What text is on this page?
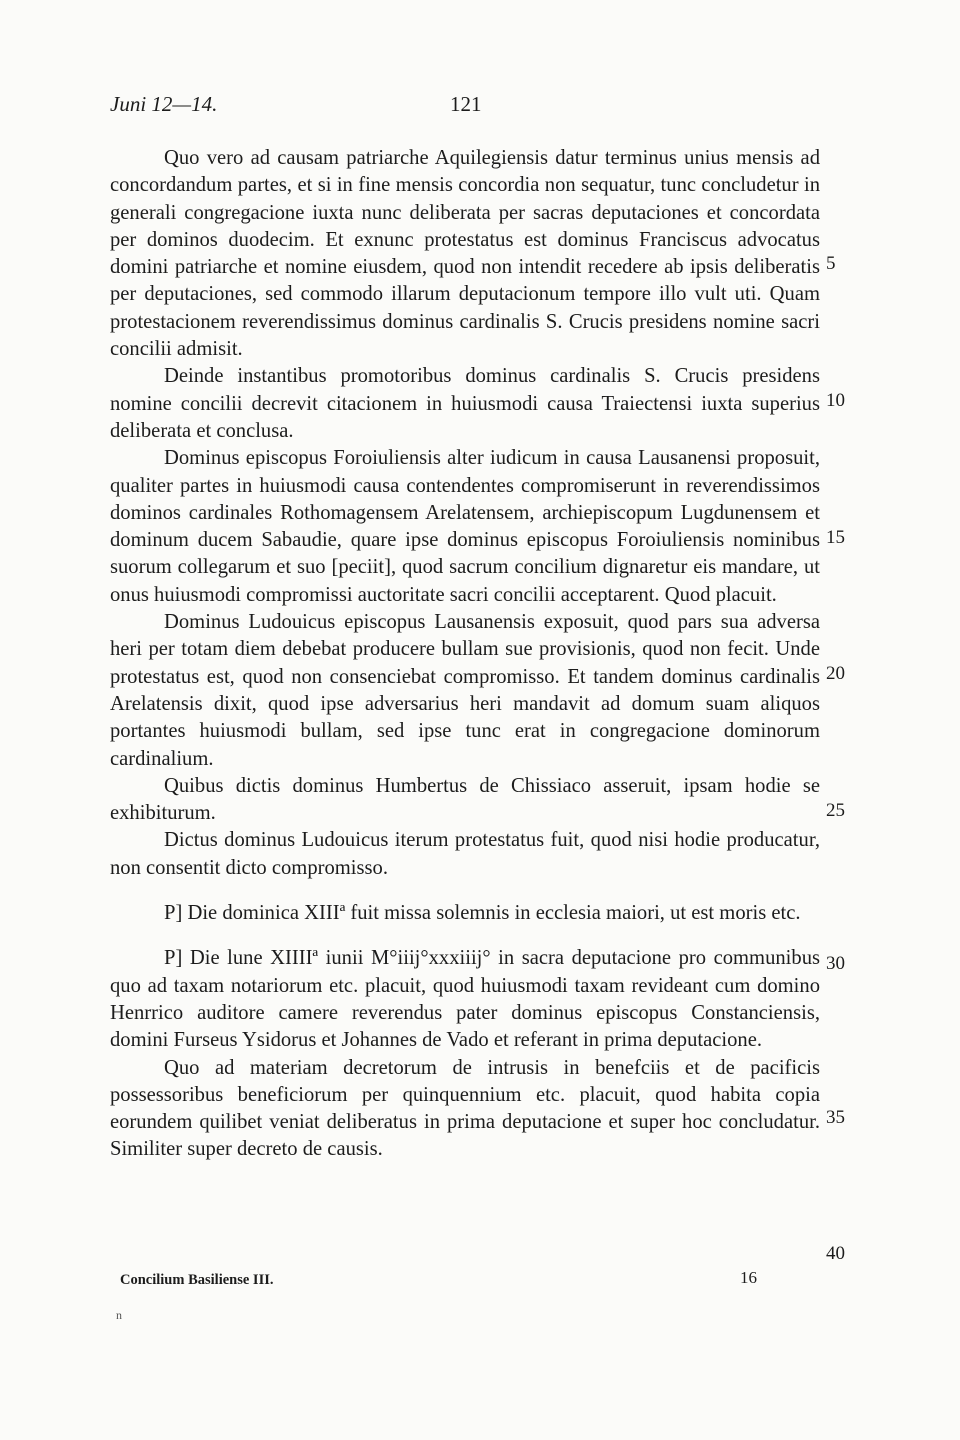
Juni 12—14.	121

Quo vero ad causam patriarche Aquilegiensis datur terminus unius mensis ad concordandum partes, et si in fine mensis concordia non sequatur, tunc concludetur in generali congregacione iuxta nunc deliberata per sacras deputaciones et concordata per dominos duodecim. Et exnunc protestatus est dominus Franciscus advocatus domini patriarche et nomine eiusdem, quod non intendit recedere ab ipsis deliberatis per deputaciones, sed commodo illarum deputacionum tempore illo vult uti. Quam protestacionem reverendissimus dominus cardinalis S. Crucis presidens nomine sacri concilii admisit.

Deinde instantibus promotoribus dominus cardinalis S. Crucis presidens nomine concilii decrevit citacionem in huiusmodi causa Traiectensi iuxta superius deliberata et conclusa.

Dominus episcopus Foroiuliensis alter iudicum in causa Lausanensi proposuit, qualiter partes in huiusmodi causa contendentes compromiserunt in reverendissimos dominos cardinales Rothomagensem Arelatensem, archiepiscopum Lugdunensem et dominum ducem Sabaudie, quare ipse dominus episcopus Foroiuliensis nominibus suorum collegarum et suo [peciit], quod sacrum concilium dignaretur eis mandare, ut onus huiusmodi compromissi auctoritate sacri concilii acceptarent. Quod placuit.

Dominus Ludouicus episcopus Lausanensis exposuit, quod pars sua adversa heri per totam diem debebat producere bullam sue provisionis, quod non fecit. Unde protestatus est, quod non consenciebat compromisso. Et tandem dominus cardinalis Arelatensis dixit, quod ipse adversarius heri mandavit ad domum suam aliquos portantes huiusmodi bullam, sed ipse tunc erat in congregacione dominorum cardinalium.

Quibus dictis dominus Humbertus de Chissiaco asseruit, ipsam hodie se exhibiturum.

Dictus dominus Ludouicus iterum protestatus fuit, quod nisi hodie producatur, non consentit dicto compromisso.

P] Die dominica XIIIª fuit missa solemnis in ecclesia maiori, ut est moris etc.

P] Die lune XIIIIª iunii M°iiij°xxxiiij° in sacra deputacione pro communibus quo ad taxam notariorum etc. placuit, quod huiusmodi taxam revideant cum domino Henrrico auditore camere reverendus pater dominus episcopus Constanciensis, domini Furseus Ysidorus et Johannes de Vado et referant in prima deputacione.

Quo ad materiam decretorum de intrusis in benefciis et de pacificis possessoribus beneficiorum per quinquennium etc. placuit, quod habita copia eorundem quilibet veniat deliberatus in prima deputacione et super hoc concludatur. Similiter super decreto de causis.

5
10
15
20
25
30
35
40
Concilium Basiliense III.	16
n
